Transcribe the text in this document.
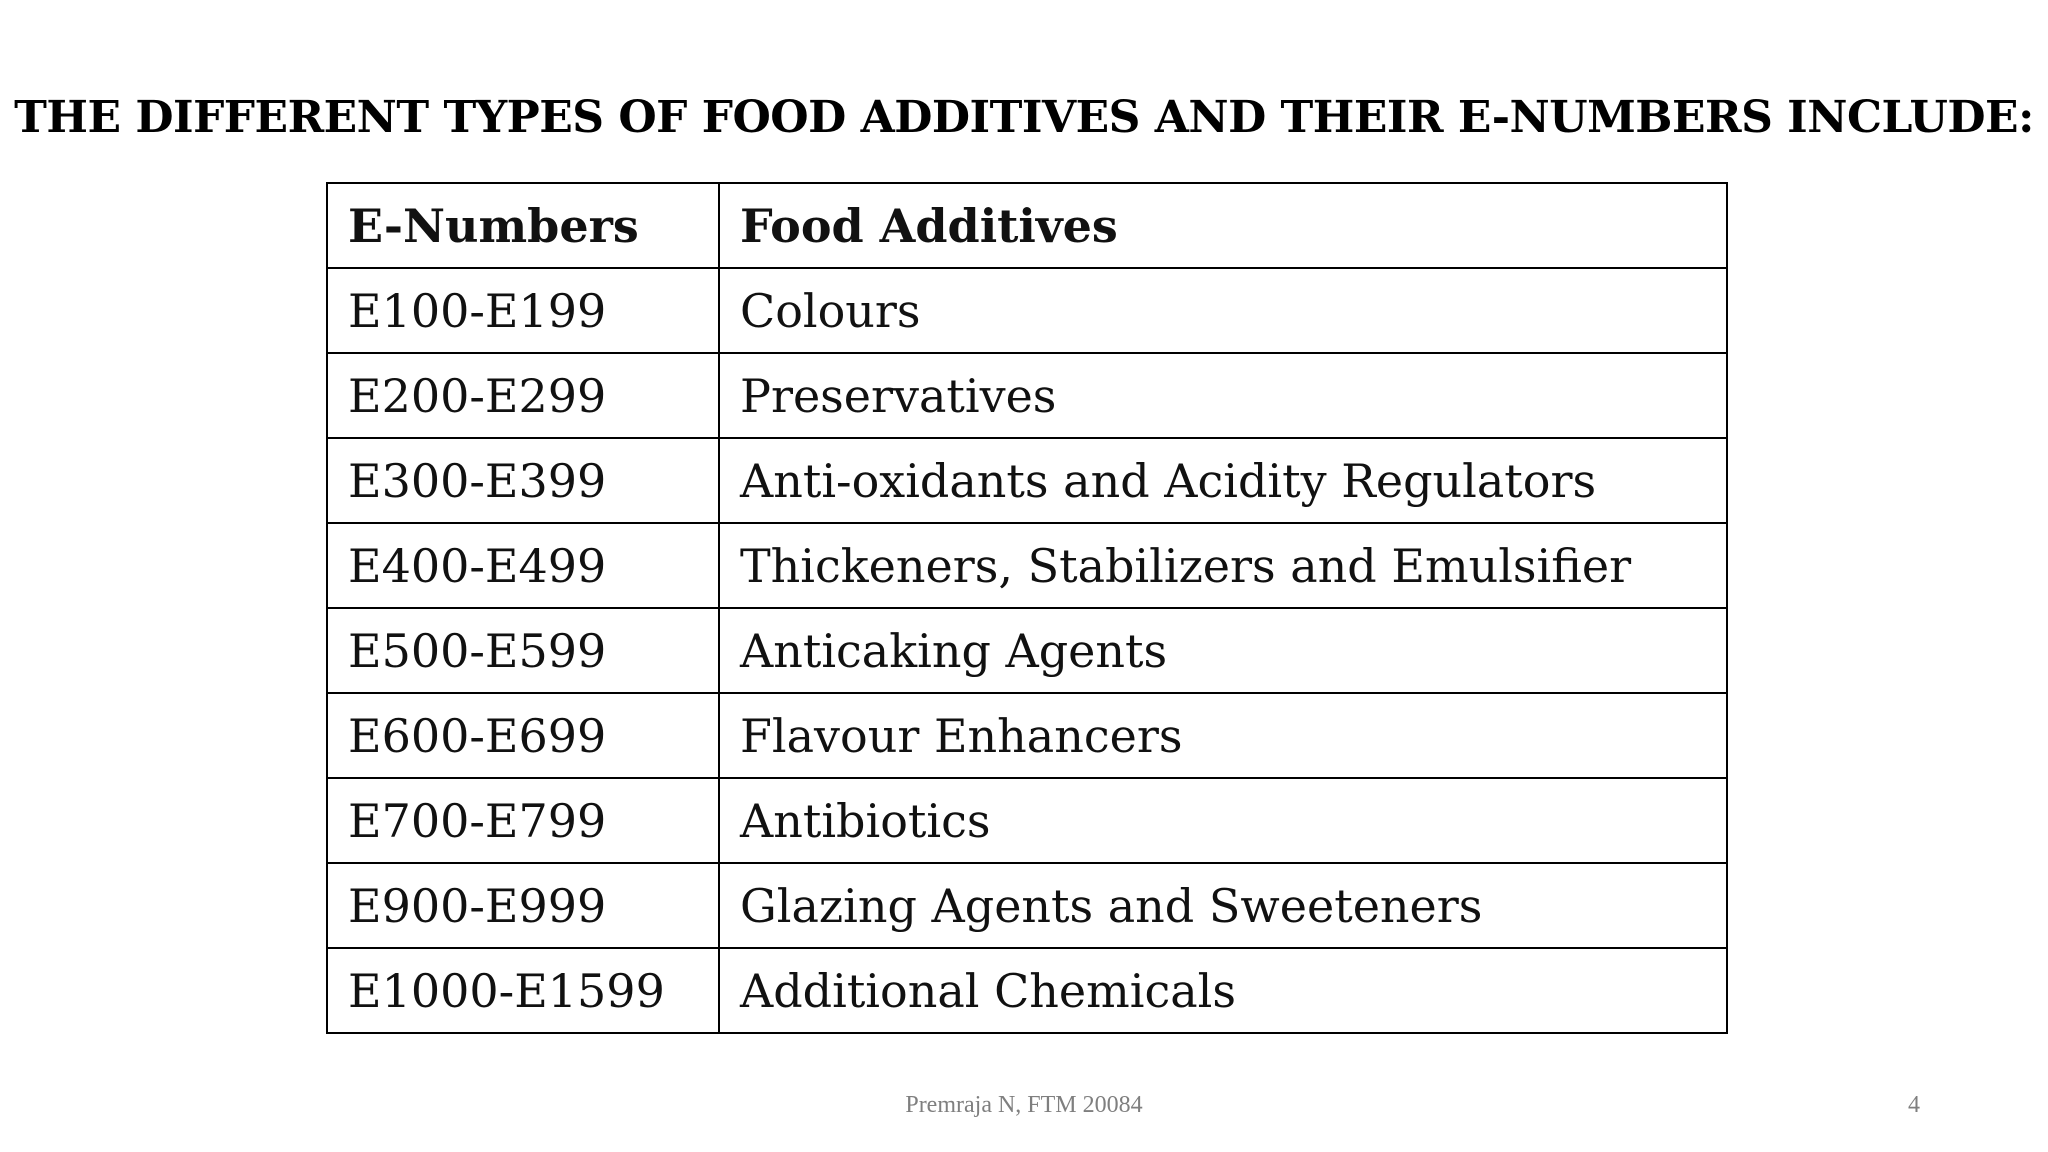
THE DIFFERENT TYPES OF FOOD ADDITIVES AND THEIR E-NUMBERS INCLUDE:
E-Numbers	Food Additives
E100-E199	Colours
E200-E299	Preservatives
E300-E399	Anti-oxidants and Acidity Regulators
E400-E499	Thickeners, Stabilizers and Emulsifier
E500-E599	Anticaking Agents
E600-E699	Flavour Enhancers
E700-E799	Antibiotics
E900-E999	Glazing Agents and Sweeteners
E1000-E1599	Additional Chemicals
Premraja N, FTM 20084	4
